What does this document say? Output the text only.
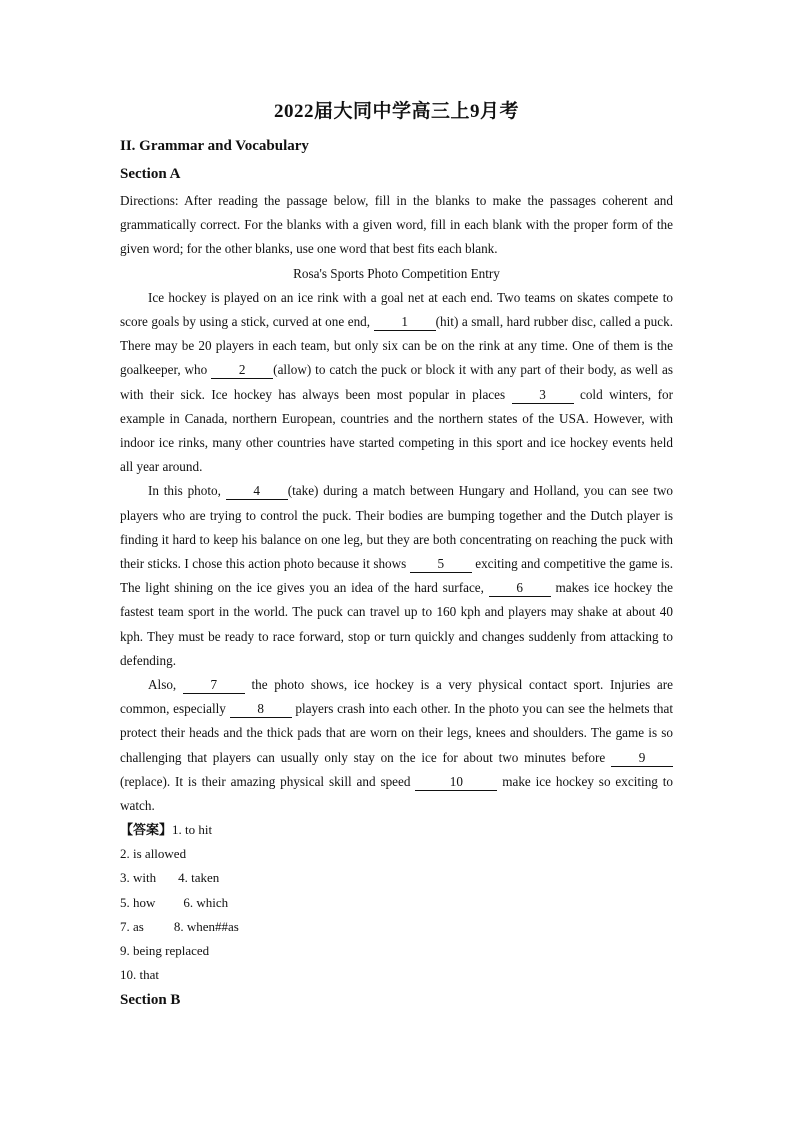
2022届大同中学高三上9月考
II. Grammar and Vocabulary
Section A

Directions: After reading the passage below, fill in the blanks to make the passages coherent and grammatically correct. For the blanks with a given word, fill in each blank with the proper form of the given word; for the other blanks, use one word that best fits each blank.

Rosa's Sports Photo Competition Entry

Ice hockey is played on an ice rink with a goal net at each end. Two teams on skates compete to score goals by using a stick, curved at one end, 1 (hit) a small, hard rubber disc, called a puck. There may be 20 players in each team, but only six can be on the rink at any time. One of them is the goalkeeper, who 2 (allow) to catch the puck or block it with any part of their body, as well as with their sick. Ice hockey has always been most popular in places 3 cold winters, for example in Canada, northern European, countries and the northern states of the USA. However, with indoor ice rinks, many other countries have started competing in this sport and ice hockey events held all year around.

In this photo, 4 (take) during a match between Hungary and Holland, you can see two players who are trying to control the puck. Their bodies are bumping together and the Dutch player is finding it hard to keep his balance on one leg, but they are both concentrating on reaching the puck with their sticks. I chose this action photo because it shows 5 exciting and competitive the game is. The light shining on the ice gives you an idea of the hard surface, 6 makes ice hockey the fastest team sport in the world. The puck can travel up to 160 kph and players may shake at about 40 kph. They must be ready to race forward, stop or turn quickly and changes suddenly from attacking to defending.

Also, 7 the photo shows, ice hockey is a very physical contact sport. Injuries are common, especially 8 players crash into each other. In the photo you can see the helmets that protect their heads and the thick pads that are worn on their legs, knees and shoulders. The game is so challenging that players can usually only stay on the ice for about two minutes before 9 (replace). It is their amazing physical skill and speed	10	make ice hockey so exciting to watch.

【答案】1. to hit
2. is allowed
3. with 4. taken
5. how 6. which
7. as 8. when##as
9. being replaced
10. that
Section B
